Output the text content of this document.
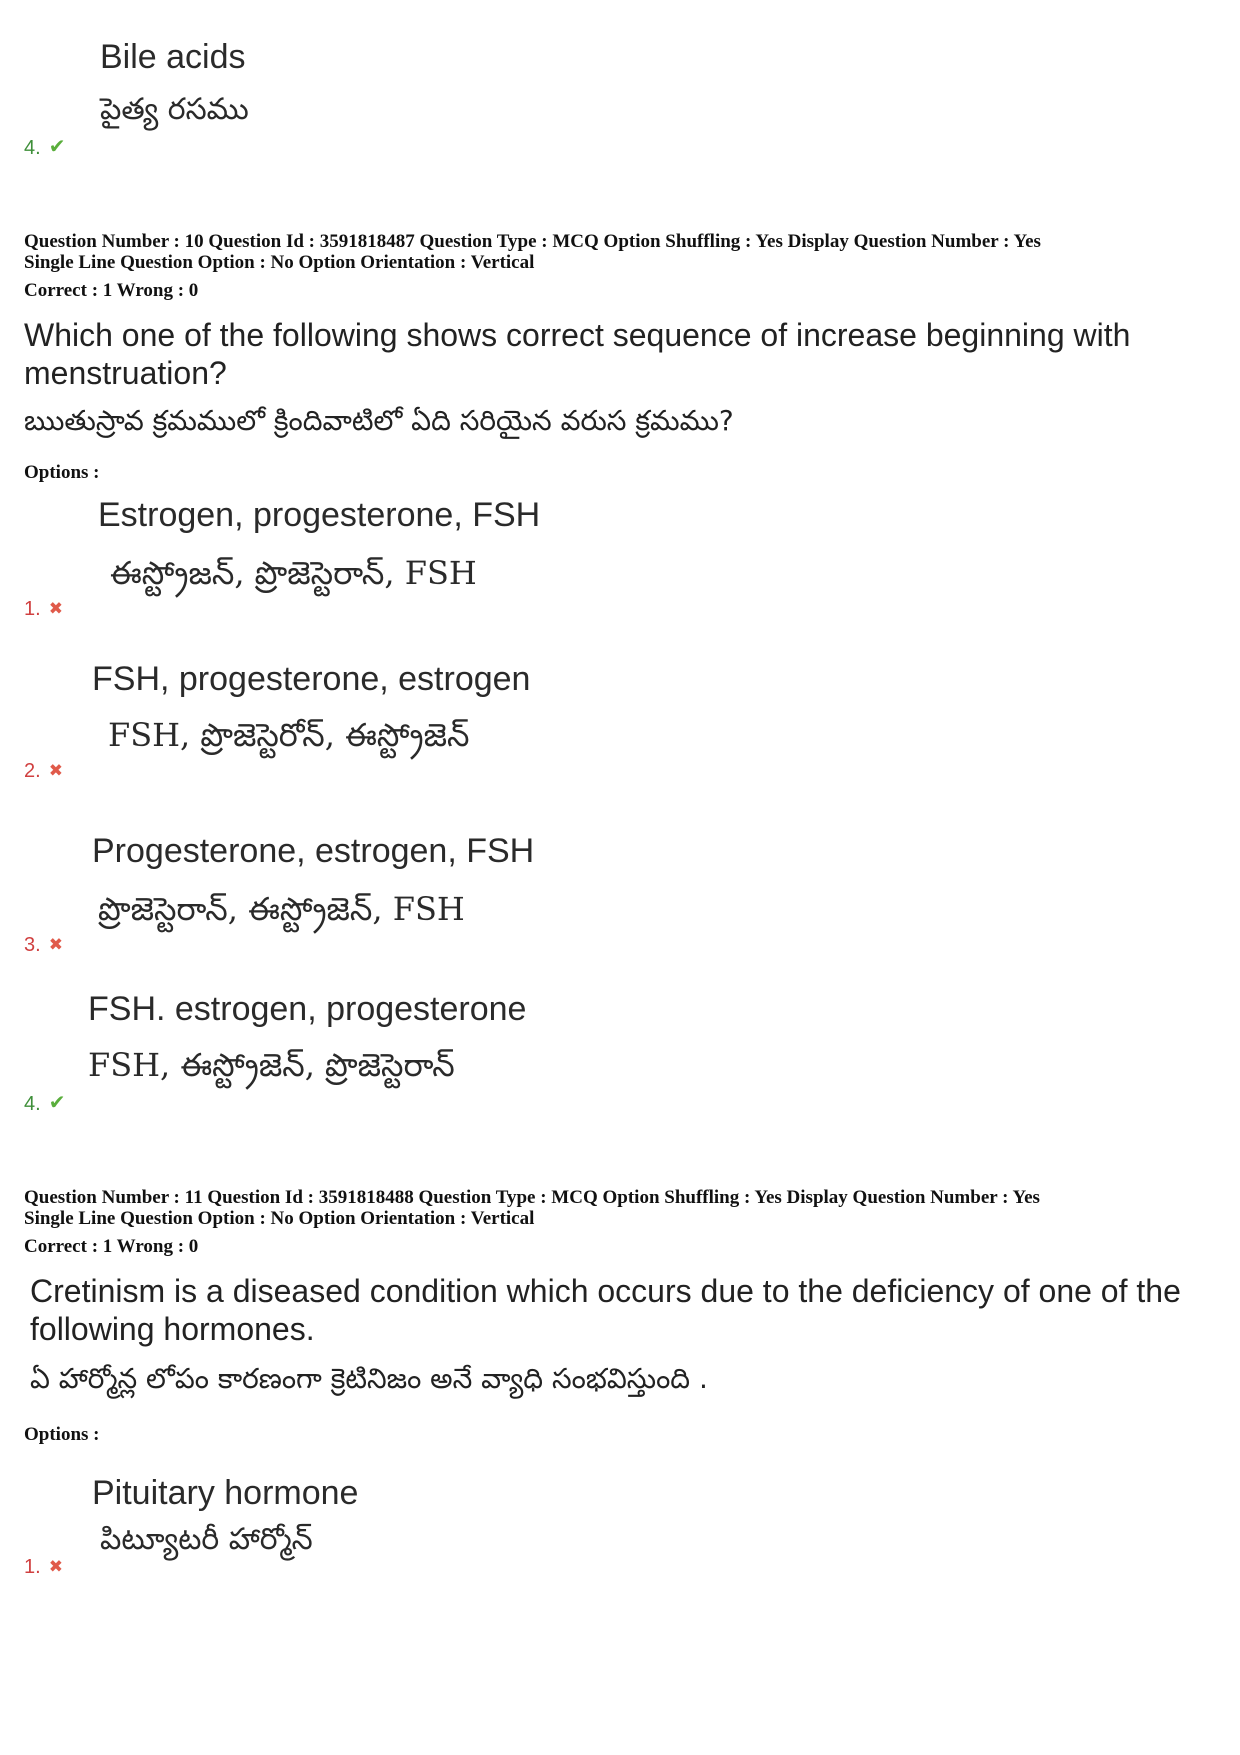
Bile acids
పైత్య రసము
4. ✔
Question Number : 10 Question Id : 3591818487 Question Type : MCQ Option Shuffling : Yes Display Question Number : Yes
Single Line Question Option : No Option Orientation : Vertical
Correct : 1 Wrong : 0
Which one of the following shows correct sequence of increase beginning with menstruation?
ఋతుస్రావ క్రమములో క్రిందివాటిలో ఏది సరియైన వరుస క్రమము?
Options :
Estrogen, progesterone, FSH
ఈస్ట్రోజన్, ప్రొజెస్టెరాన్, FSH
1. ✖
FSH, progesterone, estrogen
FSH, ప్రొజెస్టెరోన్, ఈస్ట్రోజెన్
2. ✖
Progesterone, estrogen, FSH
ప్రొజెస్టెరాన్, ఈస్ట్రోజెన్, FSH
3. ✖
FSH. estrogen, progesterone
FSH, ఈస్ట్రోజెన్, ప్రొజెస్టెరాన్
4. ✔
Question Number : 11 Question Id : 3591818488 Question Type : MCQ Option Shuffling : Yes Display Question Number : Yes
Single Line Question Option : No Option Orientation : Vertical
Correct : 1 Wrong : 0
Cretinism is a diseased condition which occurs due to the deficiency of one of the following hormones.
ఏ హార్మోన్ల లోపం కారణంగా క్రెటినిజం అనే వ్యాధి సంభవిస్తుంది .
Options :
Pituitary hormone
పిట్యూటరీ హార్మోన్
1. ✖
